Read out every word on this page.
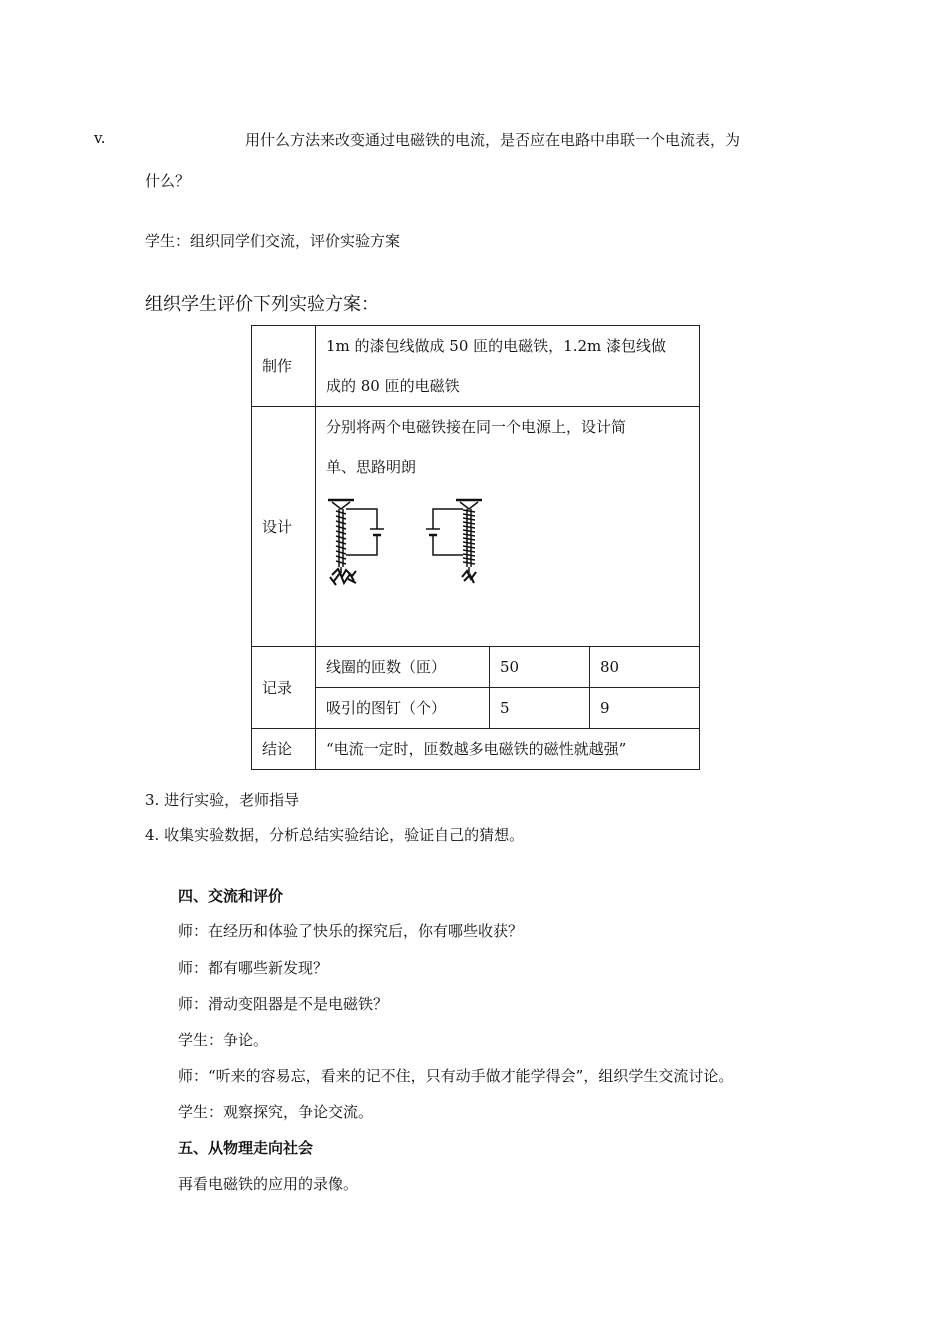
v.	用什么方法来改变通过电磁铁的电流，是否应在电路中串联一个电流表，为
什么？
学生：组织同学们交流，评价实验方案
组织学生评价下列实验方案：
制作	1m 的漆包线做成 50 匝的电磁铁，1.2m 漆包线做
成的 80 匝的电磁铁		

设计	分别将两个电磁铁接在同一个电源上，设计简
单、思路明朗		

记录	线圈的匝数（匝）	50	80
	吸引的图钉（个）	5	9
结论	“电流一定时，匝数越多电磁铁的磁性就越强”		
3. 进行实验，老师指导
4. 收集实验数据，分析总结实验结论，验证自己的猜想。
四、交流和评价
师：在经历和体验了快乐的探究后，你有哪些收获？
师：都有哪些新发现？
师：滑动变阻器是不是电磁铁？
学生：争论。
师：“听来的容易忘，看来的记不住，只有动手做才能学得会”，组织学生交流讨论。
学生：观察探究，争论交流。
五、从物理走向社会
再看电磁铁的应用的录像。
